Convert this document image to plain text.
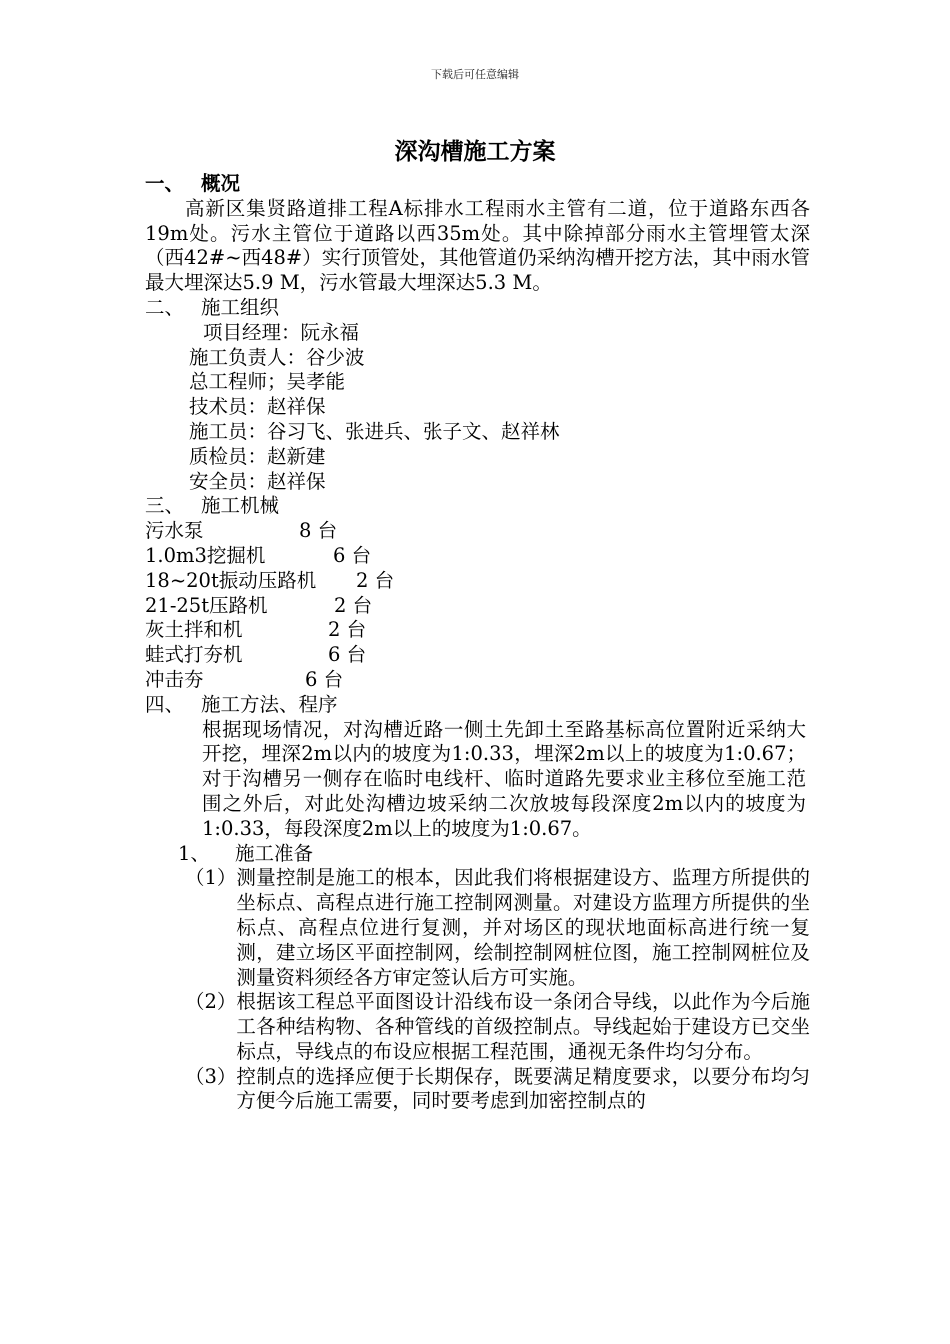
下载后可任意编辑
深沟槽施工方案
一、 概况
高新区集贤路道排工程A标排水工程雨水主管有二道，位于道路东西各19m处。污水主管位于道路以西35m处。其中除掉部分雨水主管埋管太深（西42#~西48#）实行顶管处，其他管道仍采纳沟槽开挖方法，其中雨水管最大埋深达5.9 M，污水管最大埋深达5.3 M。
二、 施工组织
项目经理：阮永福
施工负责人：谷少波
总工程师；吴孝能
技术员：赵祥保
施工员：谷习飞、张进兵、张子文、赵祥林
质检员：赵新建
安全员：赵祥保
三、 施工机械
污水泵	8 台
1.0m3挖掘机	6 台
18~20t振动压路机	2 台
21-25t压路机	2 台
灰土拌和机	2 台
蛙式打夯机	6 台
冲击夯	6 台
四、 施工方法、程序
根据现场情况，对沟槽近路一侧土先卸土至路基标高位置附近采纳大开挖，埋深2m以内的坡度为1:0.33，埋深2m以上的坡度为1:0.67；对于沟槽另一侧存在临时电线杆、临时道路先要求业主移位至施工范围之外后，对此处沟槽边坡采纳二次放坡每段深度2m以内的坡度为1:0.33，每段深度2m以上的坡度为1:0.67。
1、 施工准备
（1） 测量控制是施工的根本，因此我们将根据建设方、监理方所提供的坐标点、高程点进行施工控制网测量。对建设方监理方所提供的坐标点、高程点位进行复测，并对场区的现状地面标高进行统一复测，建立场区平面控制网，绘制控制网桩位图，施工控制网桩位及测量资料须经各方审定签认后方可实施。
（2） 根据该工程总平面图设计沿线布设一条闭合导线，以此作为今后施工各种结构物、各种管线的首级控制点。导线起始于建设方已交坐标点，导线点的布设应根据工程范围，通视无条件均匀分布。
（3） 控制点的选择应便于长期保存，既要满足精度要求，以要分布均匀方便今后施工需要，同时要考虑到加密控制点的
